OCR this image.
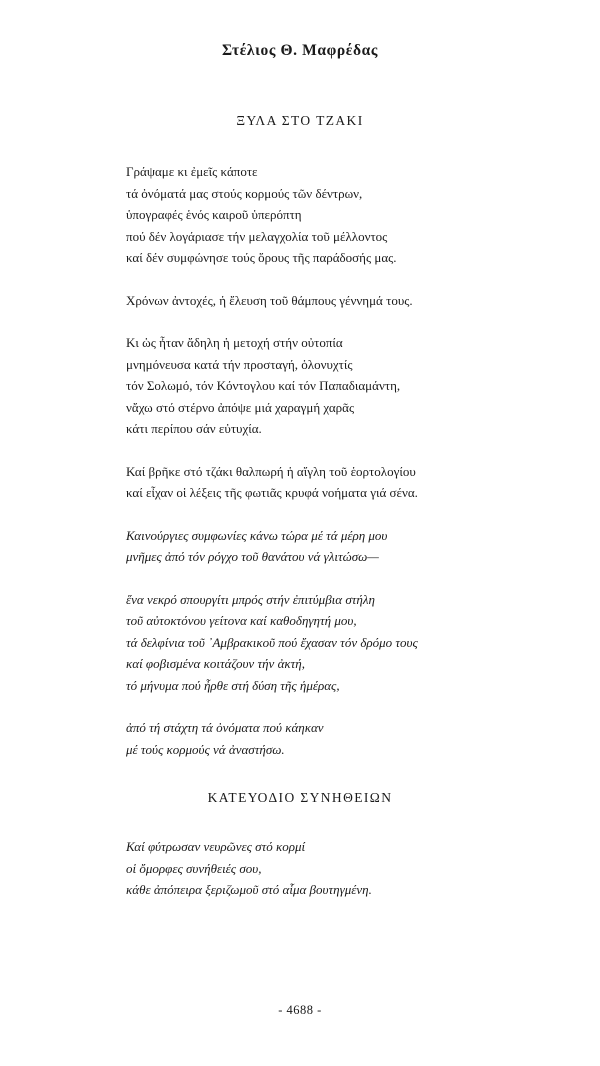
Στέλιος Θ. Μαφρέδας
ΞΥΛΑ ΣΤΟ ΤΖΑΚΙ
Γράψαμε κι ἐμεῖς κάποτε
τά ὀνόματά μας στούς κορμούς τῶν δέντρων,
ὑπογραφές ἑνός καιροῦ ὑπερόπτη
πού δέν λογάριασε τήν μελαγχολία τοῦ μέλλοντος
καί δέν συμφώνησε τούς ὅρους τῆς παράδοσής μας.
Χρόνων ἀντοχές, ἡ ἔλευση τοῦ θάμπους γέννημά τους.
Κι ὡς ἦταν ἄδηλη ἡ μετοχή στήν οὐτοπία
μνημόνευσα κατά τήν προσταγή, ὁλονυχτίς
τόν Σολωμό, τόν Κόντογλου καί τόν Παπαδιαμάντη,
νἄχω στό στέρνο ἀπόψε μιά χαραγμή χαρᾶς
κάτι περίπου σάν εὐτυχία.
Καί βρῆκε στό τζάκι θαλπωρή ἡ αἴγλη τοῦ ἑορτολογίου
καί εἶχαν οἱ λέξεις τῆς φωτιᾶς κρυφά νοήματα γιά σένα.
Καινούργιες συμφωνίες κάνω τώρα μέ τά μέρη μου
μνῆμες ἀπό τόν ρόγχο τοῦ θανάτου νά γλιτώσω—
ἕνα νεκρό σπουργίτι μπρός στήν ἐπιτύμβια στήλη
τοῦ αὐτοκτόνου γείτονα καί καθοδηγητή μου,
τά δελφίνια τοῦ ᾿Αμβρακικοῦ πού ἔχασαν τόν δρόμο τους
καί φοβισμένα κοιτάζουν τήν ἀκτή,
τό μήνυμα πού ἦρθε στή δύση τῆς ἡμέρας,
ἀπό τή στάχτη τά ὀνόματα πού κάηκαν
μέ τούς κορμούς νά ἀναστήσω.
ΚΑΤΕΥΟΔΙΟ ΣΥΝΗΘΕΙΩΝ
Καί φύτρωσαν νευρῶνες στό κορμί
οἱ ὄμορφες συνήθειές σου,
κάθε ἀπόπειρα ξεριζωμοῦ στό αἷμα βουτηγμένη.
- 4688 -
